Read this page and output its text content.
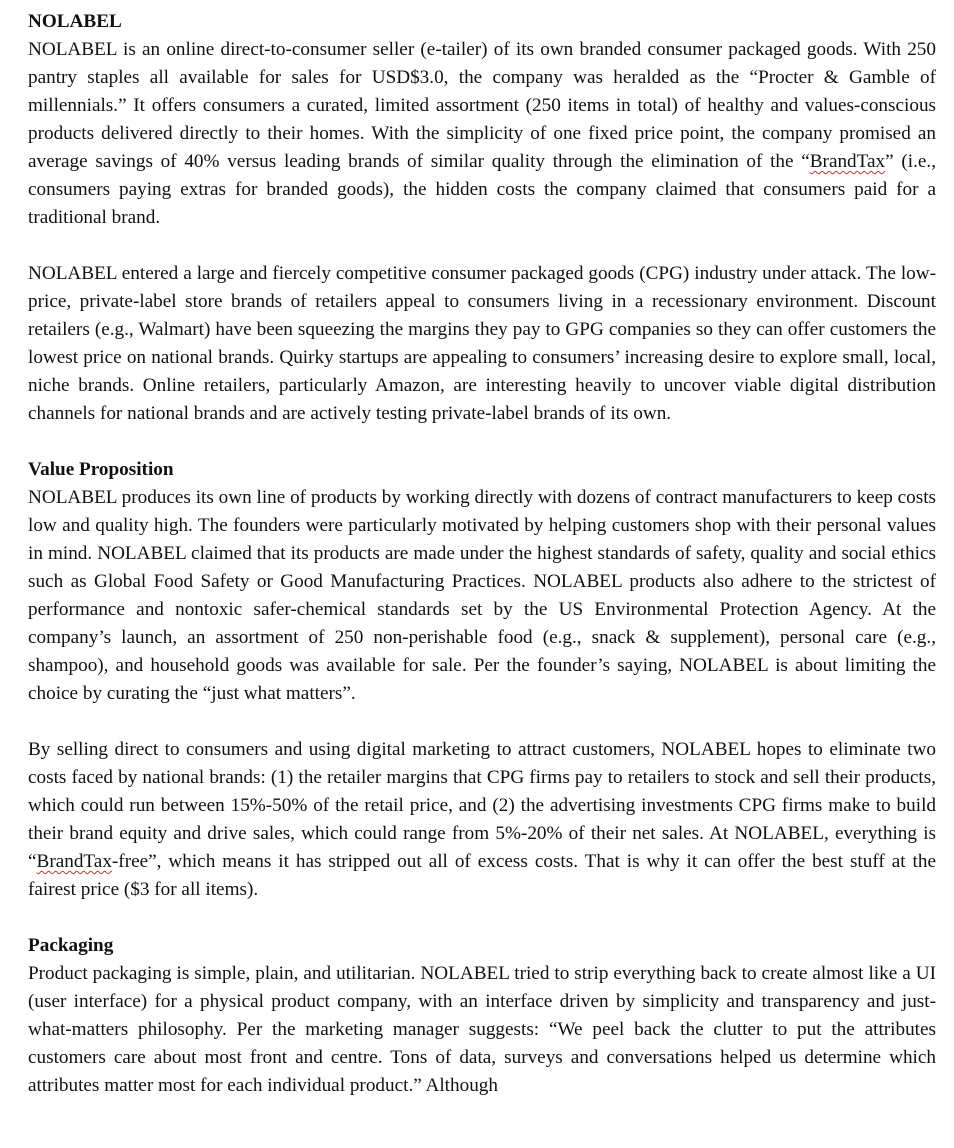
NOLABEL

NOLABEL is an online direct-to-consumer seller (e-tailer) of its own branded consumer packaged goods. With 250 pantry staples all available for sales for USD$3.0, the company was heralded as the “Procter & Gamble of millennials.” It offers consumers a curated, limited assortment (250 items in total) of healthy and values-conscious products delivered directly to their homes. With the simplicity of one fixed price point, the company promised an average savings of 40% versus leading brands of similar quality through the elimination of the “BrandTax” (i.e., consumers paying extras for branded goods), the hidden costs the company claimed that consumers paid for a traditional brand.

NOLABEL entered a large and fiercely competitive consumer packaged goods (CPG) industry under attack. The low-price, private-label store brands of retailers appeal to consumers living in a recessionary environment. Discount retailers (e.g., Walmart) have been squeezing the margins they pay to GPG companies so they can offer customers the lowest price on national brands. Quirky startups are appealing to consumers’ increasing desire to explore small, local, niche brands. Online retailers, particularly Amazon, are interesting heavily to uncover viable digital distribution channels for national brands and are actively testing private-label brands of its own.

Value Proposition

NOLABEL produces its own line of products by working directly with dozens of contract manufacturers to keep costs low and quality high. The founders were particularly motivated by helping customers shop with their personal values in mind. NOLABEL claimed that its products are made under the highest standards of safety, quality and social ethics such as Global Food Safety or Good Manufacturing Practices. NOLABEL products also adhere to the strictest of performance and nontoxic safer-chemical standards set by the US Environmental Protection Agency. At the company’s launch, an assortment of 250 non-perishable food (e.g., snack & supplement), personal care (e.g., shampoo), and household goods was available for sale. Per the founder’s saying, NOLABEL is about limiting the choice by curating the “just what matters”.

By selling direct to consumers and using digital marketing to attract customers, NOLABEL hopes to eliminate two costs faced by national brands: (1) the retailer margins that CPG firms pay to retailers to stock and sell their products, which could run between 15%-50% of the retail price, and (2) the advertising investments CPG firms make to build their brand equity and drive sales, which could range from 5%-20% of their net sales. At NOLABEL, everything is “BrandTax-free”, which means it has stripped out all of excess costs. That is why it can offer the best stuff at the fairest price ($3 for all items).

Packaging

Product packaging is simple, plain, and utilitarian. NOLABEL tried to strip everything back to create almost like a UI (user interface) for a physical product company, with an interface driven by simplicity and transparency and just-what-matters philosophy. Per the marketing manager suggests: “We peel back the clutter to put the attributes customers care about most front and centre. Tons of data, surveys and conversations helped us determine which attributes matter most for each individual product.” Although
